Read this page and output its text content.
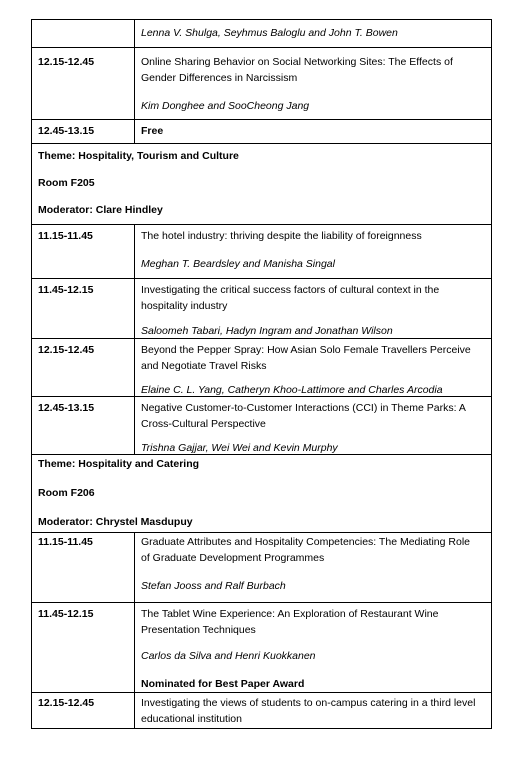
Lenna V. Shulga, Seyhmus Baloglu and John T. Bowen
12.15-12.45	Online Sharing Behavior on Social Networking Sites: The Effects of Gender Differences in Narcissism
Kim Donghee and SooCheong Jang
12.45-13.15	Free
Theme: Hospitality, Tourism and Culture
Room F205
Moderator: Clare Hindley
11.15-11.45	The hotel industry: thriving despite the liability of foreignness
Meghan T. Beardsley and Manisha Singal
11.45-12.15	Investigating the critical success factors of cultural context in the hospitality industry
Saloomeh Tabari, Hadyn Ingram and Jonathan Wilson
12.15-12.45	Beyond the Pepper Spray: How Asian Solo Female Travellers Perceive and Negotiate Travel Risks
Elaine C. L. Yang, Catheryn Khoo-Lattimore and Charles Arcodia
12.45-13.15	Negative Customer-to-Customer Interactions (CCI) in Theme Parks: A Cross-Cultural Perspective
Trishna Gajjar, Wei Wei and Kevin Murphy
Theme: Hospitality and Catering
Room F206
Moderator: Chrystel Masdupuy
11.15-11.45	Graduate Attributes and Hospitality Competencies: The Mediating Role of Graduate Development Programmes
Stefan Jooss and Ralf Burbach
11.45-12.15	The Tablet Wine Experience: An Exploration of Restaurant Wine Presentation Techniques
Carlos da Silva and Henri Kuokkanen
Nominated for Best Paper Award
12.15-12.45	Investigating the views of students to on-campus catering in a third level educational institution
